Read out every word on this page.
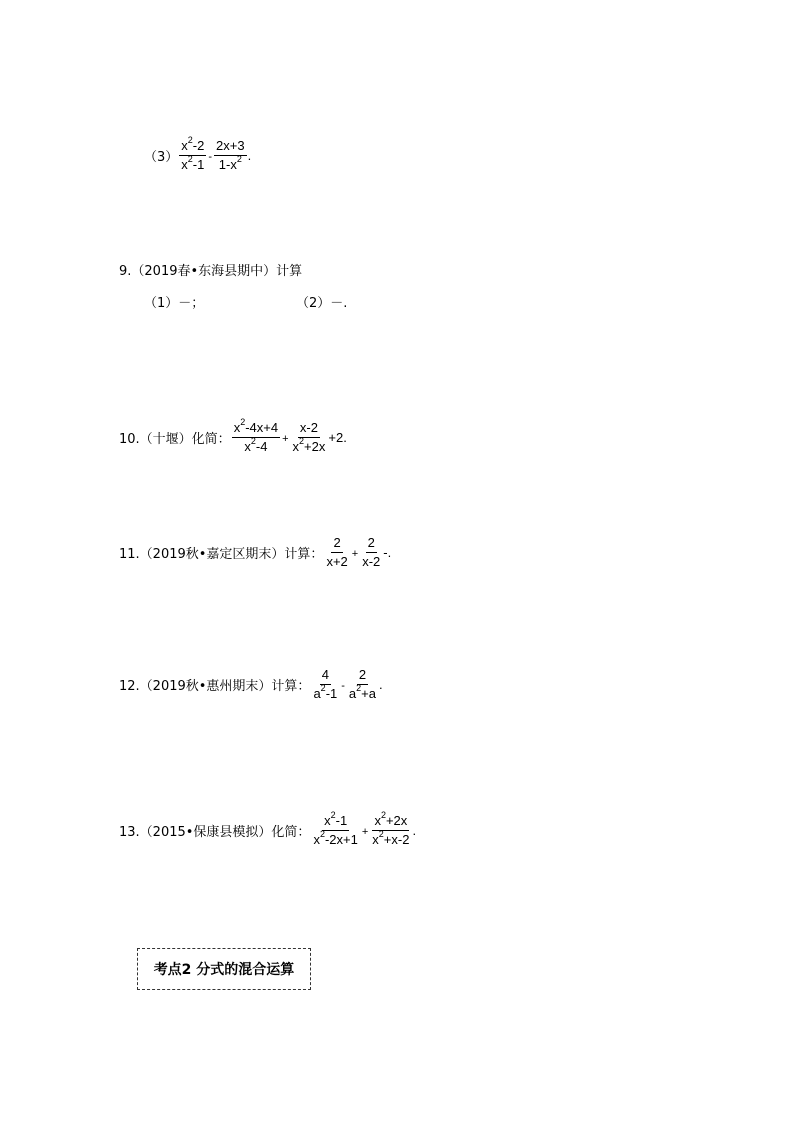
$(3) \frac{x^2-2}{x^2-1} - \frac{2x+3}{1-x^2}$ .
9.（2019春•东海县期中）计算
（1）－；	（2）－.
10.（十堰）化简： $\frac{x^2-4x+4}{x^2-4} + \frac{x-2}{x^2+2x} +2$.
11.（2019秋•嘉定区期末）计算： $\frac{2}{x+2} + \frac{2}{x-2}$ -.
12.（2019秋•惠州期末）计算： $\frac{4}{a^2-1} - \frac{2}{a^2+a}$ .
13.（2015•保康县模拟）化简： $\frac{x^2-1}{x^2-2x+1} + \frac{x^2+2x}{x^2+x-2}$ .
考点2 分式的混合运算
